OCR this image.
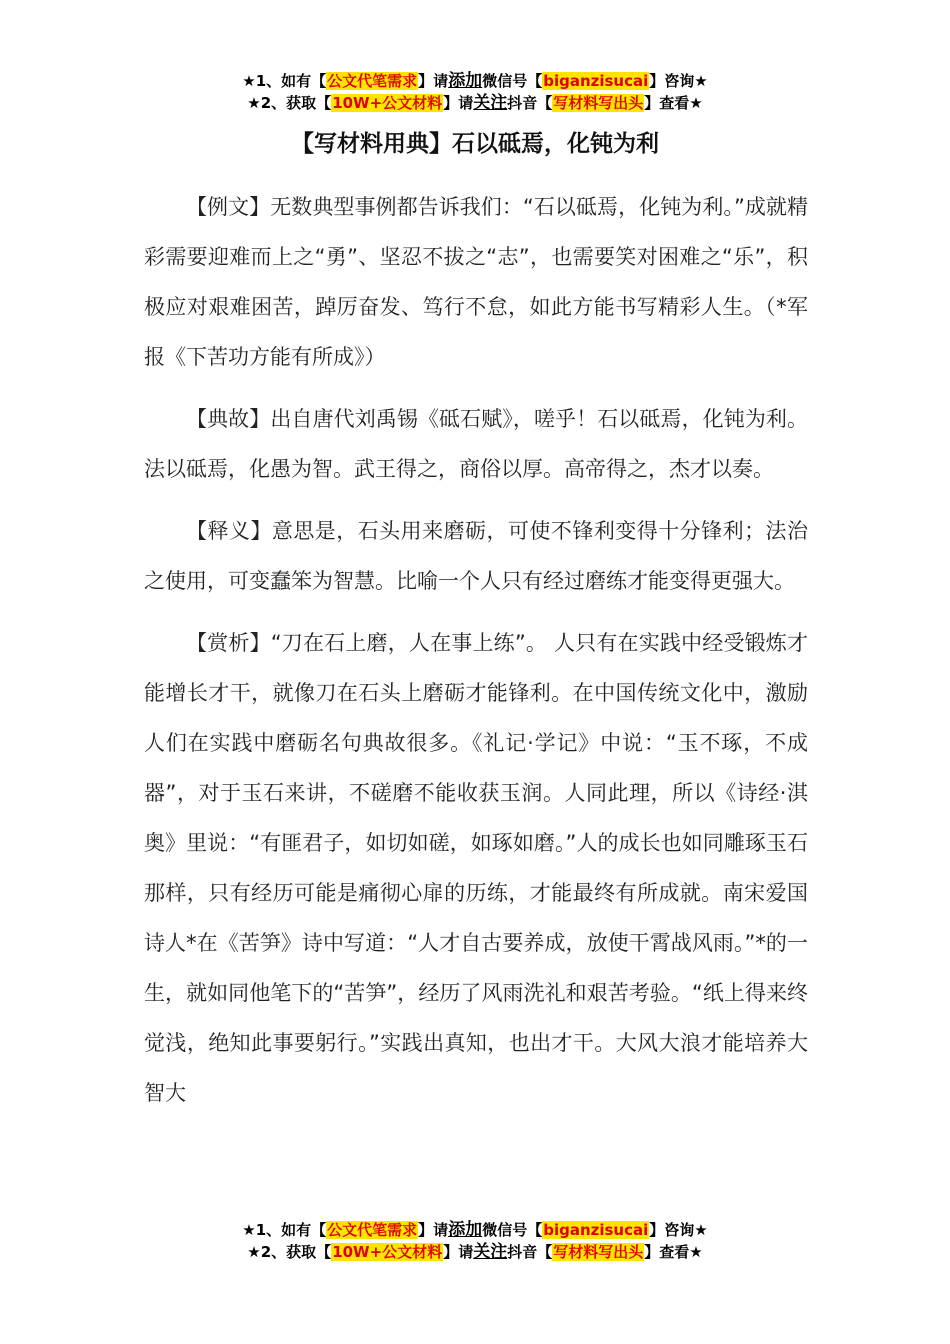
★1、如有【公文代笔需求】请添加微信号【biganzisucai】咨询★
★2、获取【10W+公文材料】请关注抖音【写材料写出头】查看★
【写材料用典】石以砥焉，化钝为利

【例文】无数典型事例都告诉我们：“石以砥焉，化钝为利。”成就精彩需要迎难而上之“勇”、坚忍不拔之“志”，也需要笑对困难之“乐”，积极应对艰难困苦，踔厉奋发、笃行不怠，如此方能书写精彩人生。（*军报《下苦功方能有所成》）

【典故】出自唐代刘禹锡《砥石赋》，嗟乎！石以砥焉，化钝为利。法以砥焉，化愚为智。武王得之，商俗以厚。高帝得之，杰才以奏。

【释义】意思是，石头用来磨砺，可使不锋利变得十分锋利；法治之使用，可变蠢笨为智慧。比喻一个人只有经过磨练才能变得更强大。

【赏析】“刀在石上磨，人在事上练”。 人只有在实践中经受锻炼才能增长才干，就像刀在石头上磨砺才能锋利。在中国传统文化中，激励人们在实践中磨砺名句典故很多。《礼记·学记》中说：“玉不琢，不成器”，对于玉石来讲，不磋磨不能收获玉润。人同此理，所以《诗经·淇奥》里说：“有匪君子，如切如磋，如琢如磨。”人的成长也如同雕琢玉石那样，只有经历可能是痛彻心扉的历练，才能最终有所成就。南宋爱国诗人*在《苦笋》诗中写道：“人才自古要养成，放使干霄战风雨。”*的一生，就如同他笔下的“苦笋”，经历了风雨洗礼和艰苦考验。“纸上得来终觉浅，绝知此事要躬行。”实践出真知，也出才干。大风大浪才能培养大智大

★1、如有【公文代笔需求】请添加微信号【biganzisucai】咨询★
★2、获取【10W+公文材料】请关注抖音【写材料写出头】查看★
